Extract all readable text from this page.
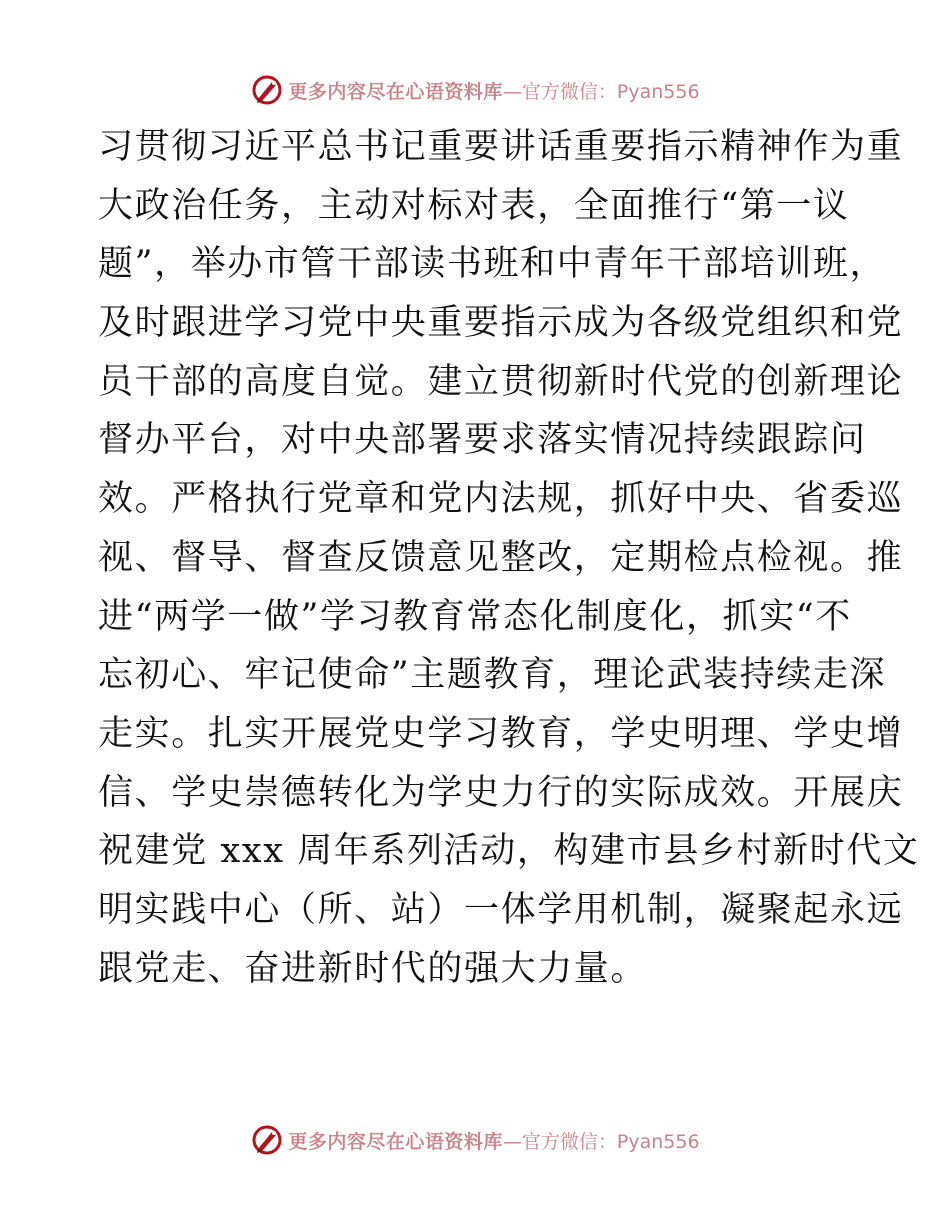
更多内容尽在心语资料库 —官方微信：Pyan556
习贯彻习近平总书记重要讲话重要指示精神作为重
大政治任务，主动对标对表，全面推行“第一议
题”，举办市管干部读书班和中青年干部培训班，
及时跟进学习党中央重要指示成为各级党组织和党
员干部的高度自觉。建立贯彻新时代党的创新理论
督办平台，对中央部署要求落实情况持续跟踪问
效。严格执行党章和党内法规，抓好中央、省委巡
视、督导、督查反馈意见整改，定期检点检视。推
进“两学一做”学习教育常态化制度化，抓实“不
忘初心、牢记使命”主题教育，理论武装持续走深
走实。扎实开展党史学习教育，学史明理、学史增
信、学史崇德转化为学史力行的实际成效。开展庆
祝建党 xxx 周年系列活动，构建市县乡村新时代文
明实践中心（所、站）一体学用机制，凝聚起永远
跟党走、奋进新时代的强大力量。
更多内容尽在心语资料库 —官方微信：Pyan556
